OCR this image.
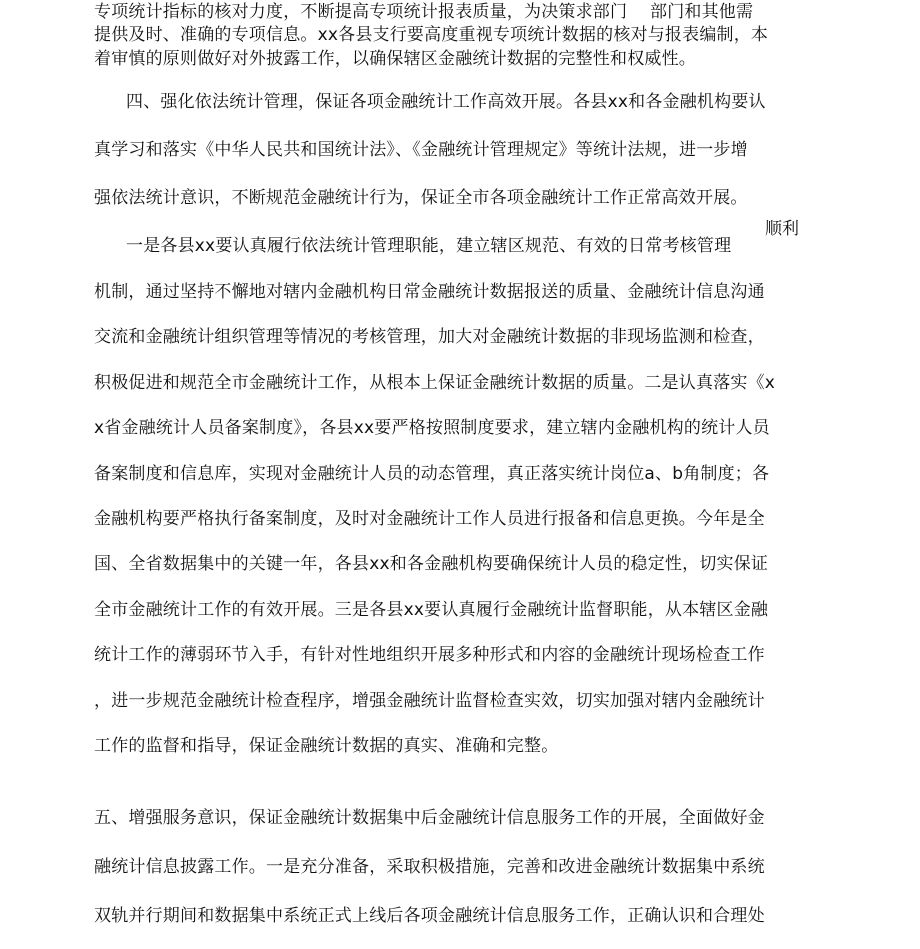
专项统计指标的核对力度，不断提高专项统计报表质量，为决策求部门　 部门和其他需
提供及时、准确的专项信息。xx各县支行要高度重视专项统计数据的核对与报表编制，本
着审慎的原则做好对外披露工作，以确保辖区金融统计数据的完整性和权威性。
四、强化依法统计管理，保证各项金融统计工作高效开展。各县xx和各金融机构要认
真学习和落实《中华人民共和国统计法》、《金融统计管理规定》等统计法规，进一步增
强依法统计意识，不断规范金融统计行为，保证全市各项金融统计工作正常高效开展。
顺利
一是各县xx要认真履行依法统计管理职能，建立辖区规范、有效的日常考核管理
机制，通过坚持不懈地对辖内金融机构日常金融统计数据报送的质量、金融统计信息沟通
交流和金融统计组织管理等情况的考核管理，加大对金融统计数据的非现场监测和检查，
积极促进和规范全市金融统计工作，从根本上保证金融统计数据的质量。二是认真落实《x
x省金融统计人员备案制度》，各县xx要严格按照制度要求，建立辖内金融机构的统计人员
备案制度和信息库，实现对金融统计人员的动态管理，真正落实统计岗位a、b角制度；各
金融机构要严格执行备案制度，及时对金融统计工作人员进行报备和信息更换。今年是全
国、全省数据集中的关键一年，各县xx和各金融机构要确保统计人员的稳定性，切实保证
全市金融统计工作的有效开展。三是各县xx要认真履行金融统计监督职能，从本辖区金融
统计工作的薄弱环节入手，有针对性地组织开展多种形式和内容的金融统计现场检查工作
，进一步规范金融统计检查程序，增强金融统计监督检查实效，切实加强对辖内金融统计
工作的监督和指导，保证金融统计数据的真实、准确和完整。
五、增强服务意识，保证金融统计数据集中后金融统计信息服务工作的开展，全面做好金
融统计信息披露工作。一是充分准备，采取积极措施，完善和改进金融统计数据集中系统
双轨并行期间和数据集中系统正式上线后各项金融统计信息服务工作，正确认识和合理处
